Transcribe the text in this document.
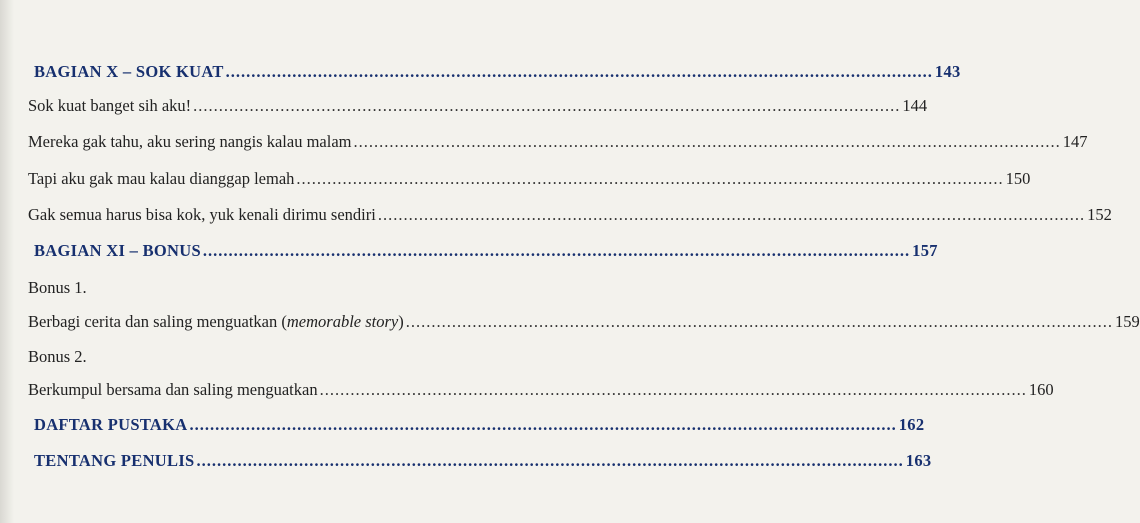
BAGIAN X – SOK KUAT .......................................................................................................................................... 143
Sok kuat banget sih aku! .......................................................................................................................................... 144
Mereka gak tahu, aku sering nangis kalau malam .......................................................................................................................................... 147
Tapi aku gak mau kalau dianggap lemah .......................................................................................................................................... 150
Gak semua harus bisa kok, yuk kenali dirimu sendiri .......................................................................................................................................... 152
BAGIAN XI – BONUS .......................................................................................................................................... 157
Bonus 1.
Berbagi cerita dan saling menguatkan (memorable story) .......................................................................................................................................... 159
Bonus 2.
Berkumpul bersama dan saling menguatkan .......................................................................................................................................... 160
DAFTAR PUSTAKA .......................................................................................................................................... 162
TENTANG PENULIS .......................................................................................................................................... 163
